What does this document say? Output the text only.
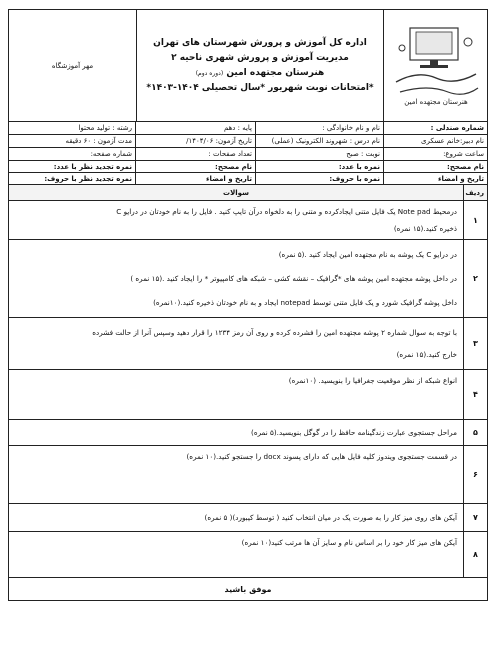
هنرستان مجتهده امین

اداره کل آموزش و پرورش شهرستان های تهران
مدیریت آموزش و پرورش شهری ناحیه ۲
هنرستان مجتهده امین (دوره دوم)
*امتحانات نوبت شهریور *سال تحصیلی ۱۴۰۴-۱۴۰۳*
	مهر آموزشگاه
شماره صندلی :	نام و نام خانوادگی :	پایه : دهم	رشته : تولید محتوا
نام دبیر:خانم عسکری	نام درس : شهروند الکترونیک (عملی)	تاریخ آزمون: ۱۴۰۴/۰۶/	مدت آزمون : ۶۰ دقیقه
ساعت شروع:	نوبت : صبح	تعداد صفحات :	شماره صفحه:
نام مصحح:	نمره با عدد:	نام مصحح:	نمره تجدید نظر با عدد:
تاریخ و امضاء	نمره با حروف:	تاریخ و امضاء	نمره تجدید نظر با حروف:
ردیف	سوالات
۱	درمحیط Note pad یک فایل متنی ایجادکرده و متنی را به دلخواه درآن تایپ کنید . فایل را به نام خودتان در درایو C

ذخیره کنید.(۱۵ نمره)

۲	در درایو C یک پوشه به نام مجتهده امین ایجاد کنید .(۵ نمره)

در داخل پوشه مجتهده امین پوشه های *گرافیک – نقشه کشی – شبکه های کامپیوتر * را ایجاد کنید .(۱۵ نمره )

داخل پوشه گرافیک شورد و یک فایل متنی توسط notepad ایجاد و به نام خودتان ذخیره کنید.(۱۰نمره)

۳	با توجه به سوال شماره ۲ پوشه مجتهده امین را فشرده کرده و روی آن رمز ۱۲۳۴ را قرار دهید وسپس آنرا از حالت فشرده

خارج کنید.(۱۵ نمره)

۴	انواع شبکه از نظر موقعیت جغرافیا را بنویسید. (۱۰نمره)

۵	مراحل جستجوی عبارت زندگینامه حافظ را در گوگل بنویسید.(۵ نمره)

۶	در قسمت جستجوی ویندوز کلیه فایل هایی که دارای پسوند docx را جستجو کنید.(۱۰ نمره)

۷	آیکن های روی میز کار را به صورت یک در میان انتخاب کنید ( توسط کیبورد)( ۵ نمره)

۸	آیکن های میز کار خود را بر اساس نام و سایز آن ها مرتب کنید(۱۰ نمره)

موفق باشید	
